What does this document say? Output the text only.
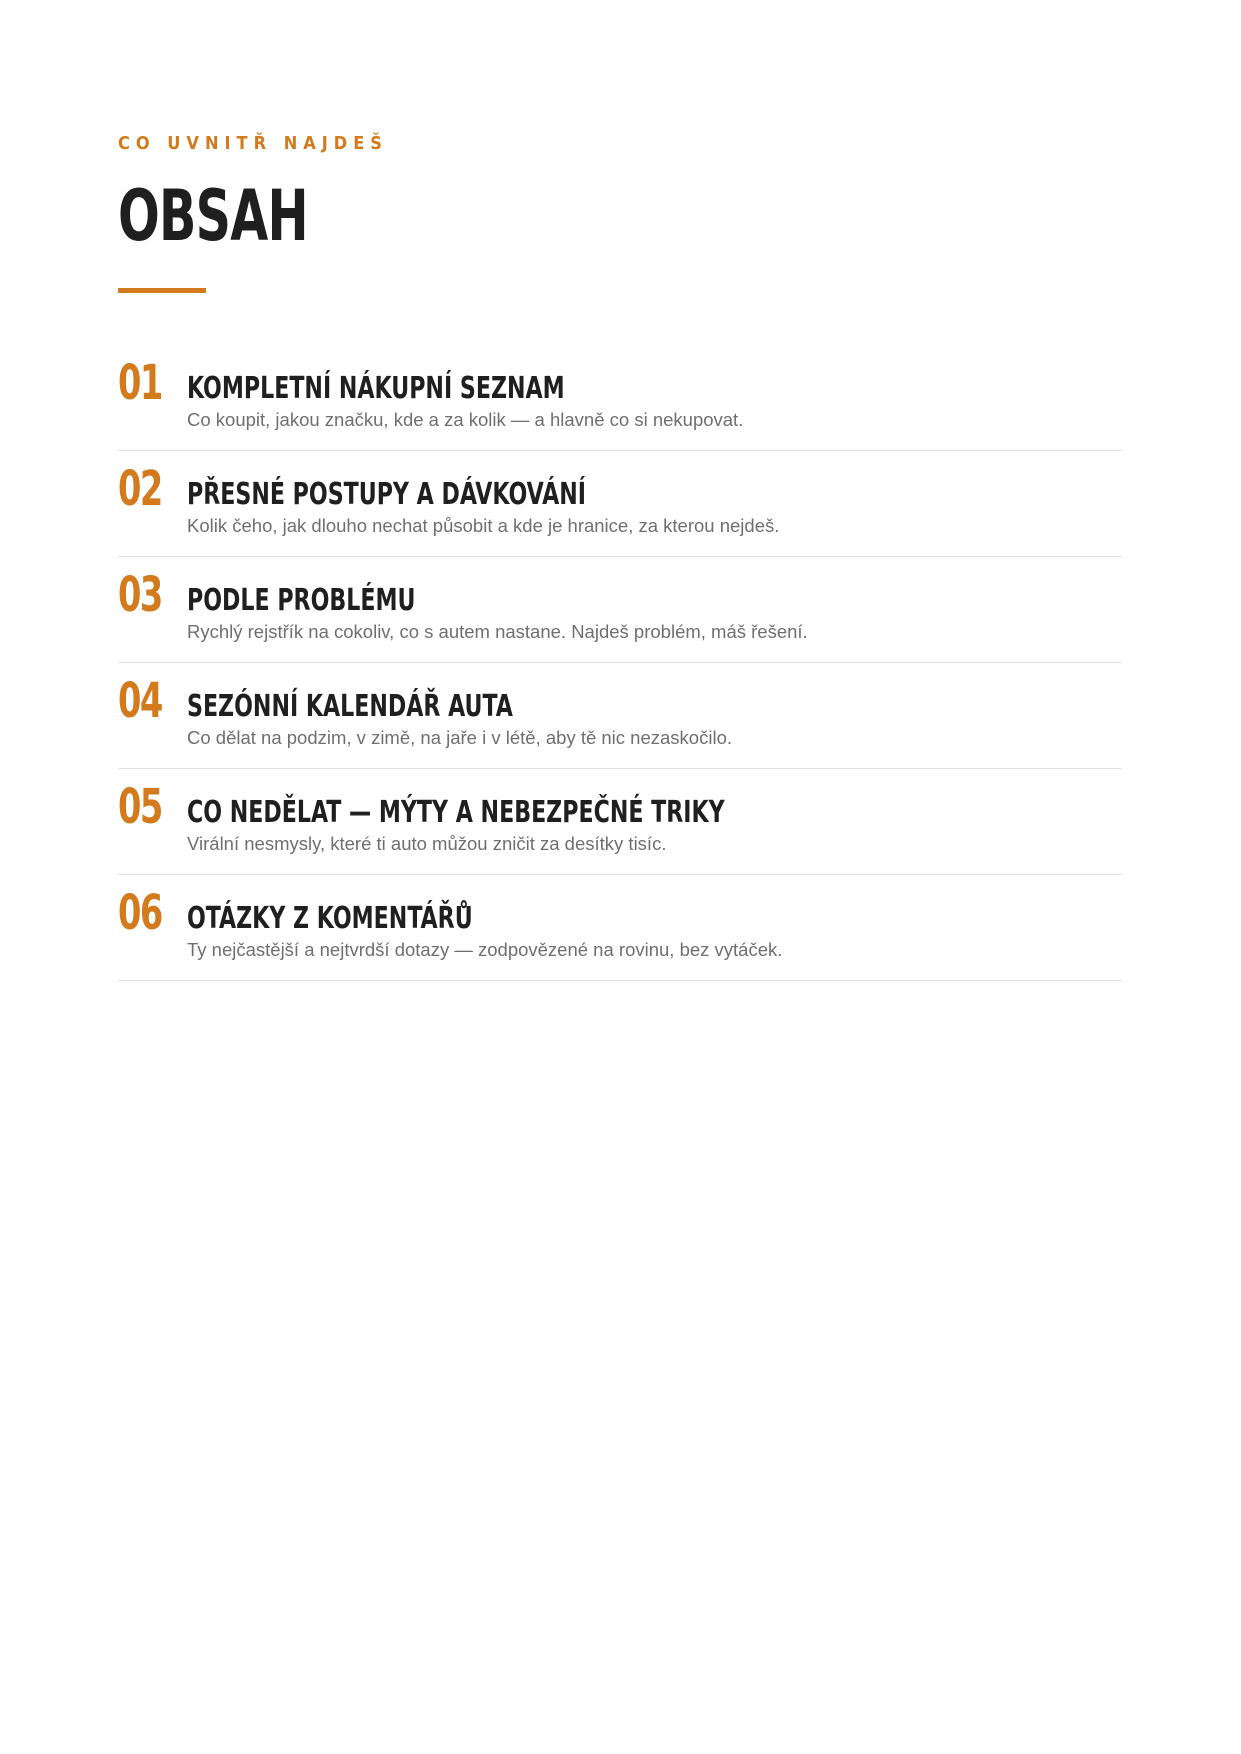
CO UVNITŘ NAJDEŠ
OBSAH
01 KOMPLETNÍ NÁKUPNÍ SEZNAM
Co koupit, jakou značku, kde a za kolik — a hlavně co si nekupovat.
02 PŘESNÉ POSTUPY A DÁVKOVÁNÍ
Kolik čeho, jak dlouho nechat působit a kde je hranice, za kterou nejdeš.
03 PODLE PROBLÉMU
Rychlý rejstřík na cokoliv, co s autem nastane. Najdeš problém, máš řešení.
04 SEZÓNNÍ KALENDÁŘ AUTA
Co dělat na podzim, v zimě, na jaře i v létě, aby tě nic nezaskočilo.
05 CO NEDĚLAT — MÝTY A NEBEZPEČNÉ TRIKY
Virální nesmysly, které ti auto můžou zničit za desítky tisíc.
06 OTÁZKY Z KOMENTÁŘŮ
Ty nejčastější a nejtvrdší dotazy — zodpovězené na rovinu, bez vytáček.
